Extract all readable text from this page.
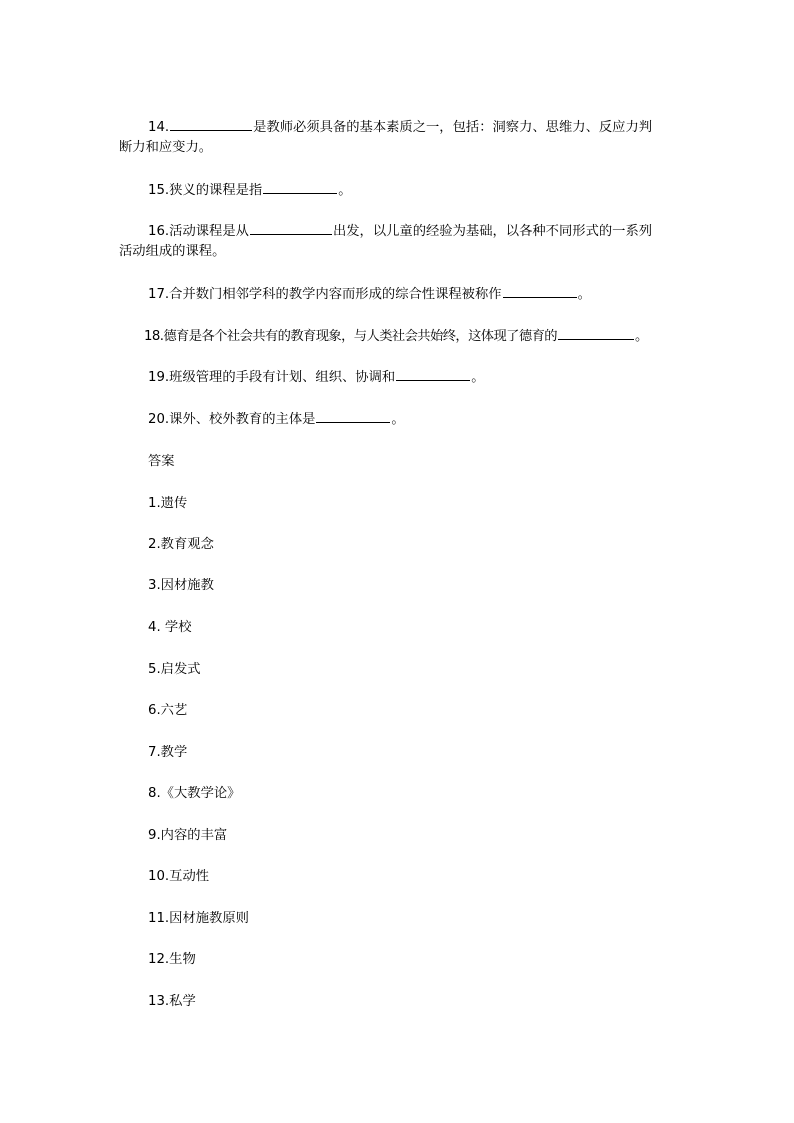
14.	是教师必须具备的基本素质之一，包括：洞察力、思维力、反应力判
断力和应变力。
15.狭义的课程是指	。
16.活动课程是从	出发，以儿童的经验为基础，以各种不同形式的一系列
活动组成的课程。
17.合并数门相邻学科的教学内容而形成的综合性课程被称作	。
18.德育是各个社会共有的教育现象，与人类社会共始终，这体现了德育的	。
19.班级管理的手段有计划、组织、协调和	。
20.课外、校外教育的主体是	。
答案
1.遗传
2.教育观念
3.因材施教
4. 学校
5.启发式
6.六艺
7.教学
8.《大教学论》
9.内容的丰富
10.互动性
11.因材施教原则
12.生物
13.私学
